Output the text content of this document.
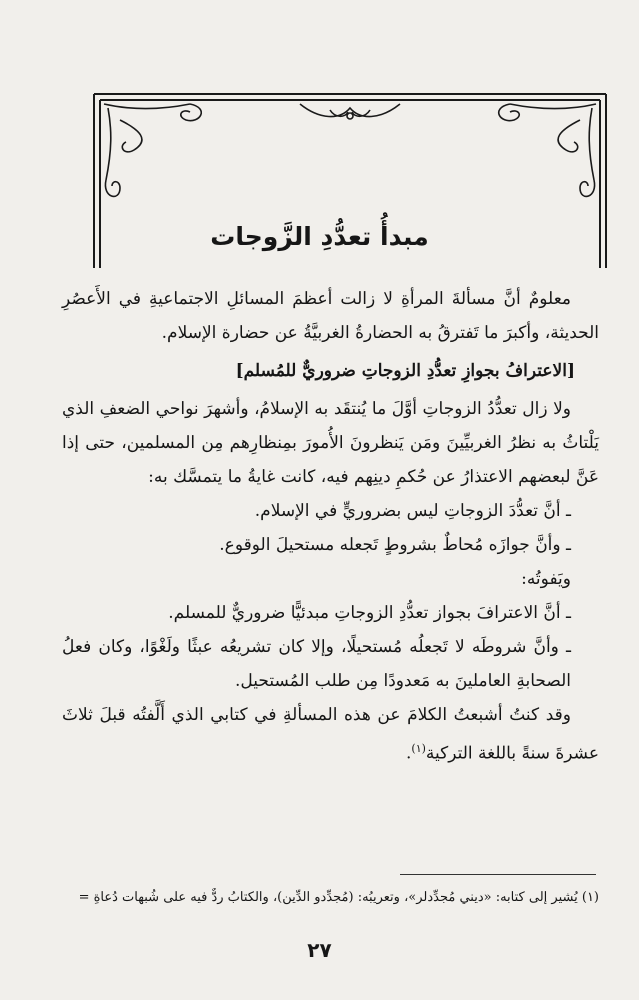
مبدأُ تعدُّدِ الزَّوجات

معلومٌ أنَّ مسألةَ المرأةِ لا زالت أعظمَ المسائلِ الاجتماعيةِ في الأَعصُرِ الحديثة، وأكبرَ ما تَفترقُ به الحضارةُ الغربيَّةُ عن حضارة الإسلام.

[الاعترافُ بجوازِ تعدُّدِ الزوجاتِ ضروريٌّ للمُسلم]

ولا زال تعدُّدُ الزوجاتِ أوَّلَ ما يُنتقَد به الإسلامُ، وأشهرَ نواحي الضعفِ الذي يَلْتاثُ به نظرُ الغربيِّينَ ومَن يَنظرونَ الأُمورَ بمِنظارِهم مِن المسلمين، حتى إذا عَنَّ لبعضهم الاعتذارُ عن حُكمِ دينِهم فيه، كانت غايةُ ما يتمسَّك به:

ـ أنَّ تعدُّدَ الزوجاتِ ليس بضروريٍّ في الإسلام.

ـ وأنَّ جوازَه مُحاطٌ بشروطٍ تَجعله مستحيلَ الوقوع.

ويَفوتُه:

ـ أنَّ الاعترافَ بجواز تعدُّدِ الزوجاتِ مبدئيًّا ضروريٌّ للمسلم.

ـ وأنَّ شروطَه لا تَجعلُه مُستحيلًا، وإلا كان تشريعُه عبثًا ولَغْوًا، وكان فعلُ الصحابةِ العاملينَ به مَعدودًا مِن طلب المُستحيل.

وقد كنتُ أشبعتُ الكلامَ عن هذه المسألةِ في كتابي الذي أَلَّفتُه قبلَ ثلاثَ عشرةَ سنةً باللغة التركية$^{(١)}$.

(١) يُشير إلى كتابه: «ديني مُجدِّدلر»، وتعريبُه: (مُجدِّدو الدِّين)، والكتابُ ردٌّ فيه على شُبهات دُعاةِ =
٢٧
